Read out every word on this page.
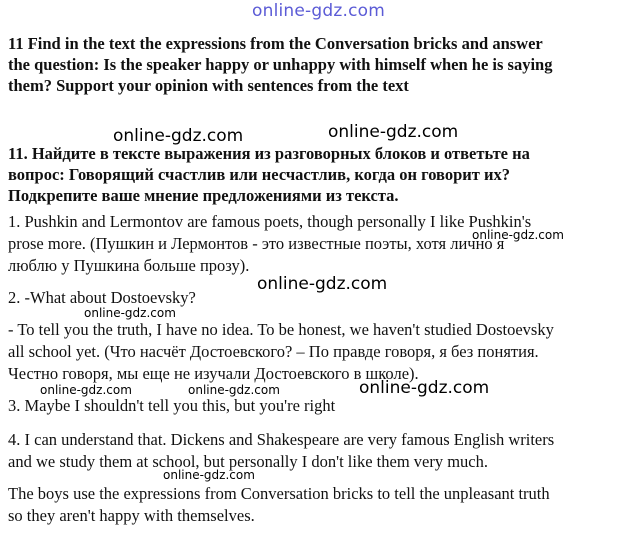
online-gdz.com
online-gdz.com	online-gdz.com
online-gdz.com
online-gdz.com
online-gdz.com
online-gdz.com	online-gdz.com	online-gdz.com
online-gdz.com
11 Find in the text the expressions from the Conversation bricks and answer
the question: Is the speaker happy or unhappy with himself when he is saying
them? Support your opinion with sentences from the text
11. Найдите в тексте выражения из разговорных блоков и ответьте на
вопрос: Говорящий счастлив или несчастлив, когда он говорит их?
Подкрепите ваше мнение предложениями из текста.
1. Pushkin and Lermontov are famous poets, though personally I like Pushkin's
prose more. (Пушкин и Лермонтов - это известные поэты, хотя лично я
люблю у Пушкина больше прозу).
2. -What about Dostoevsky?
- To tell you the truth, I have no idea. To be honest, we haven't studied Dostoevsky
all school yet. (Что насчёт Достоевского? – По правде говоря, я без понятия.
Честно говоря, мы еще не изучали Достоевского в школе).
3. Maybe I shouldn't tell you this, but you're right
4. I can understand that. Dickens and Shakespeare are very famous English writers
and we study them at school, but personally I don't like them very much.
The boys use the expressions from Conversation bricks to tell the unpleasant truth
so they aren't happy with themselves.
